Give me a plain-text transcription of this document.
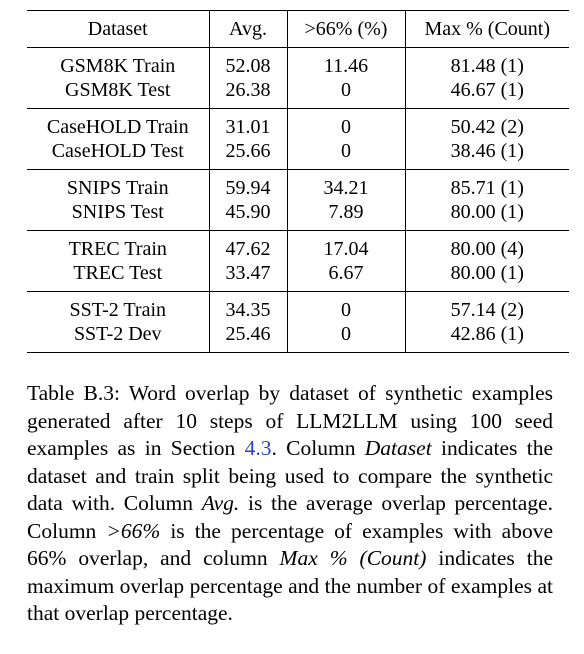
Dataset	Avg.	>66% (%)	Max % (Count)
GSM8K Train	52.08	11.46	81.48 (1)
GSM8K Test	26.38	0	46.67 (1)
CaseHOLD Train	31.01	0	50.42 (2)
CaseHOLD Test	25.66	0	38.46 (1)
SNIPS Train	59.94	34.21	85.71 (1)
SNIPS Test	45.90	7.89	80.00 (1)
TREC Train	47.62	17.04	80.00 (4)
TREC Test	33.47	6.67	80.00 (1)
SST-2 Train	34.35	0	57.14 (2)
SST-2 Dev	25.46	0	42.86 (1)

Table B.3: Word overlap by dataset of synthetic examples generated after 10 steps of LLM2LLM using 100 seed examples as in Section 4.3. Column Dataset indicates the dataset and train split being used to compare the synthetic data with. Column Avg. is the average overlap percentage. Column >66% is the percentage of examples with above 66% overlap, and column Max % (Count) indicates the maximum overlap percentage and the number of examples at that overlap percentage.
